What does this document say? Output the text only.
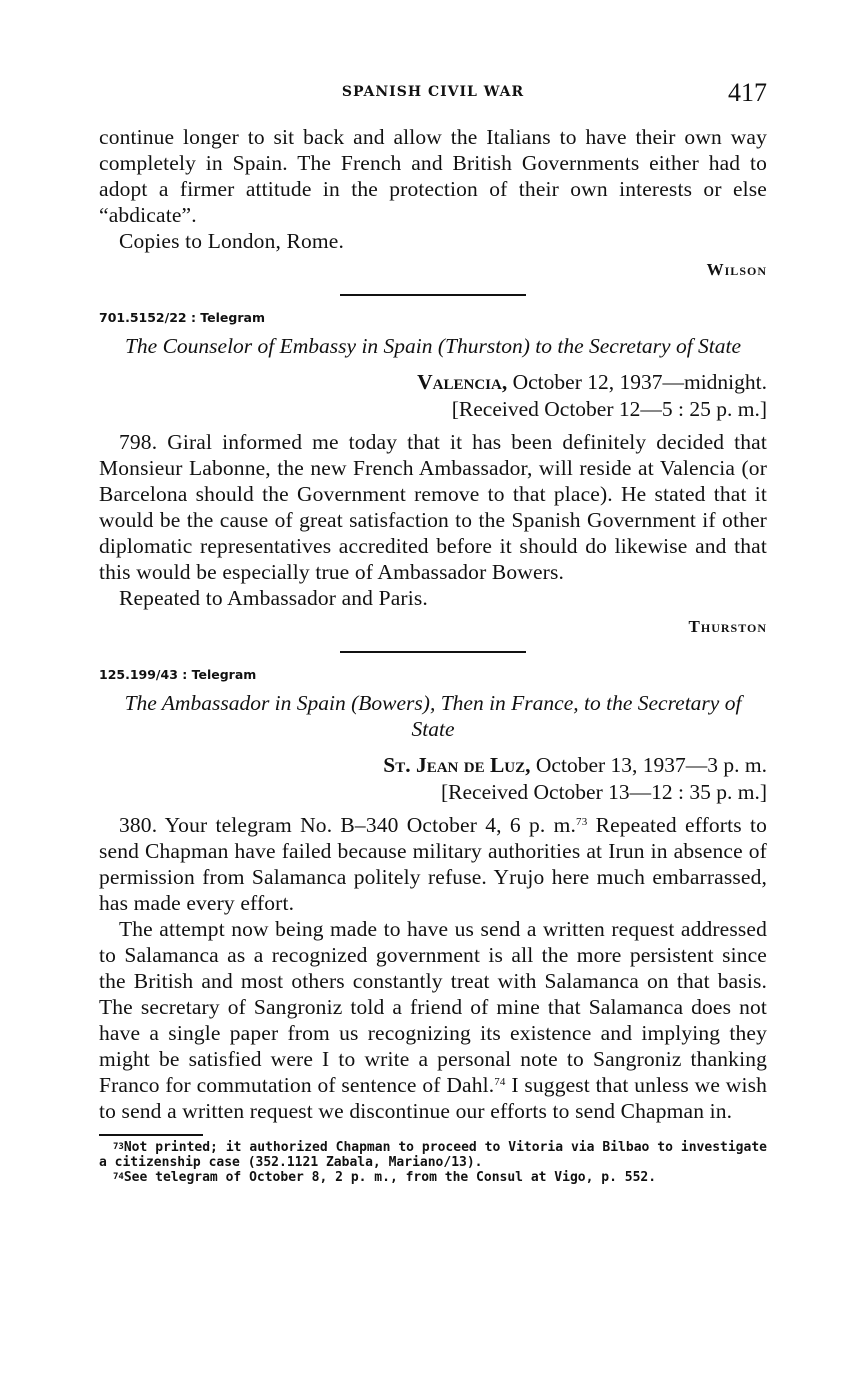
SPANISH CIVIL WAR	417

continue longer to sit back and allow the Italians to have their own way completely in Spain. The French and British Governments either had to adopt a firmer attitude in the protection of their own interests or else “abdicate”.

Copies to London, Rome.

Wilson
701.5152/22 : Telegram
The Counselor of Embassy in Spain (Thurston) to the Secretary of State
Valencia, October 12, 1937—midnight.
[Received October 12—5 : 25 p. m.]

798. Giral informed me today that it has been definitely decided that Monsieur Labonne, the new French Ambassador, will reside at Valencia (or Barcelona should the Government remove to that place). He stated that it would be the cause of great satisfaction to the Spanish Government if other diplomatic representatives accredited before it should do likewise and that this would be especially true of Ambassador Bowers.

Repeated to Ambassador and Paris.

Thurston
125.199/43 : Telegram
The Ambassador in Spain (Bowers), Then in France, to the Secretary of State
St. Jean de Luz, October 13, 1937—3 p. m.
[Received October 13—12 : 35 p. m.]

380. Your telegram No. B–340 October 4, 6 p. m.$^{73}$ Repeated efforts to send Chapman have failed because military authorities at Irun in absence of permission from Salamanca politely refuse. Yrujo here much embarrassed, has made every effort.

The attempt now being made to have us send a written request addressed to Salamanca as a recognized government is all the more persistent since the British and most others constantly treat with Salamanca on that basis. The secretary of Sangroniz told a friend of mine that Salamanca does not have a single paper from us recognizing its existence and implying they might be satisfied were I to write a personal note to Sangroniz thanking Franco for commutation of sentence of Dahl.$^{74}$ I suggest that unless we wish to send a written request we discontinue our efforts to send Chapman in.

$^{73}$Not printed; it authorized Chapman to proceed to Vitoria via Bilbao to investigate a citizenship case (352.1121 Zabala, Mariano/13).

$^{74}$See telegram of October 8, 2 p. m., from the Consul at Vigo, p. 552.
